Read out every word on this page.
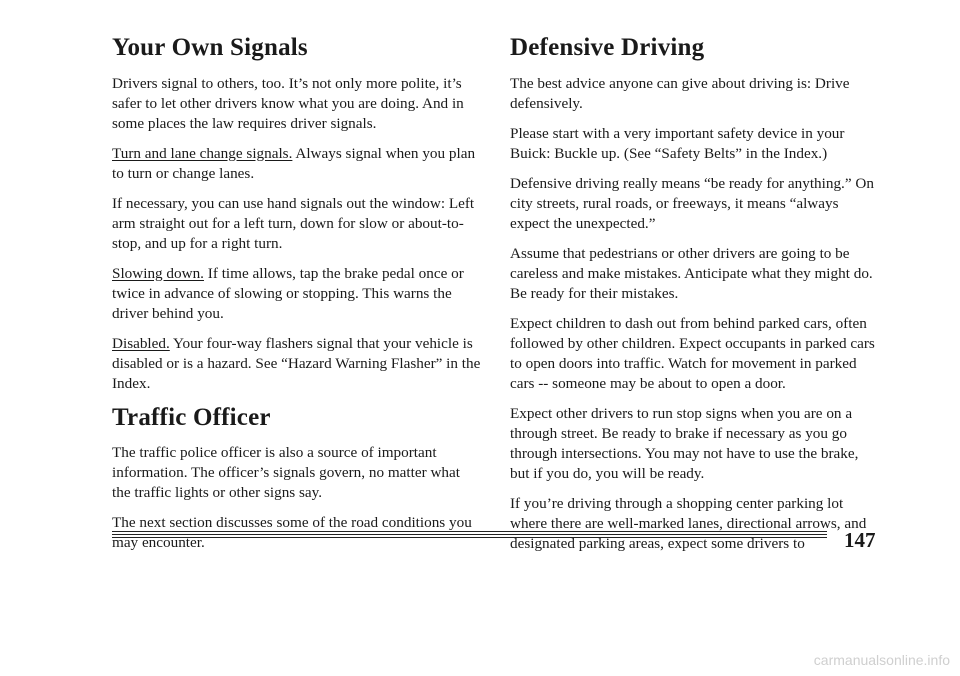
Your Own Signals

Drivers signal to others, too. It’s not only more polite, it’s safer to let other drivers know what you are doing. And in some places the law requires driver signals.

Turn and lane change signals. Always signal when you plan to turn or change lanes.

If necessary, you can use hand signals out the window: Left arm straight out for a left turn, down for slow or about-to-stop, and up for a right turn.

Slowing down. If time allows, tap the brake pedal once or twice in advance of slowing or stopping. This warns the driver behind you.

Disabled. Your four-way flashers signal that your vehicle is disabled or is a hazard. See “Hazard Warning Flasher” in the Index.

Traffic Officer

The traffic police officer is also a source of important information. The officer’s signals govern, no matter what the traffic lights or other signs say.

The next section discusses some of the road conditions you may encounter.

Defensive Driving

The best advice anyone can give about driving is: Drive defensively.

Please start with a very important safety device in your Buick: Buckle up. (See “Safety Belts” in the Index.)

Defensive driving really means “be ready for anything.” On city streets, rural roads, or freeways, it means “always expect the unexpected.”

Assume that pedestrians or other drivers are going to be careless and make mistakes. Anticipate what they might do. Be ready for their mistakes.

Expect children to dash out from behind parked cars, often followed by other children. Expect occupants in parked cars to open doors into traffic. Watch for movement in parked cars -- someone may be about to open a door.

Expect other drivers to run stop signs when you are on a through street. Be ready to brake if necessary as you go through intersections. You may not have to use the brake, but if you do, you will be ready.

If you’re driving through a shopping center parking lot where there are well-marked lanes, directional arrows, and designated parking areas, expect some drivers to	147
carmanualsonline.info
